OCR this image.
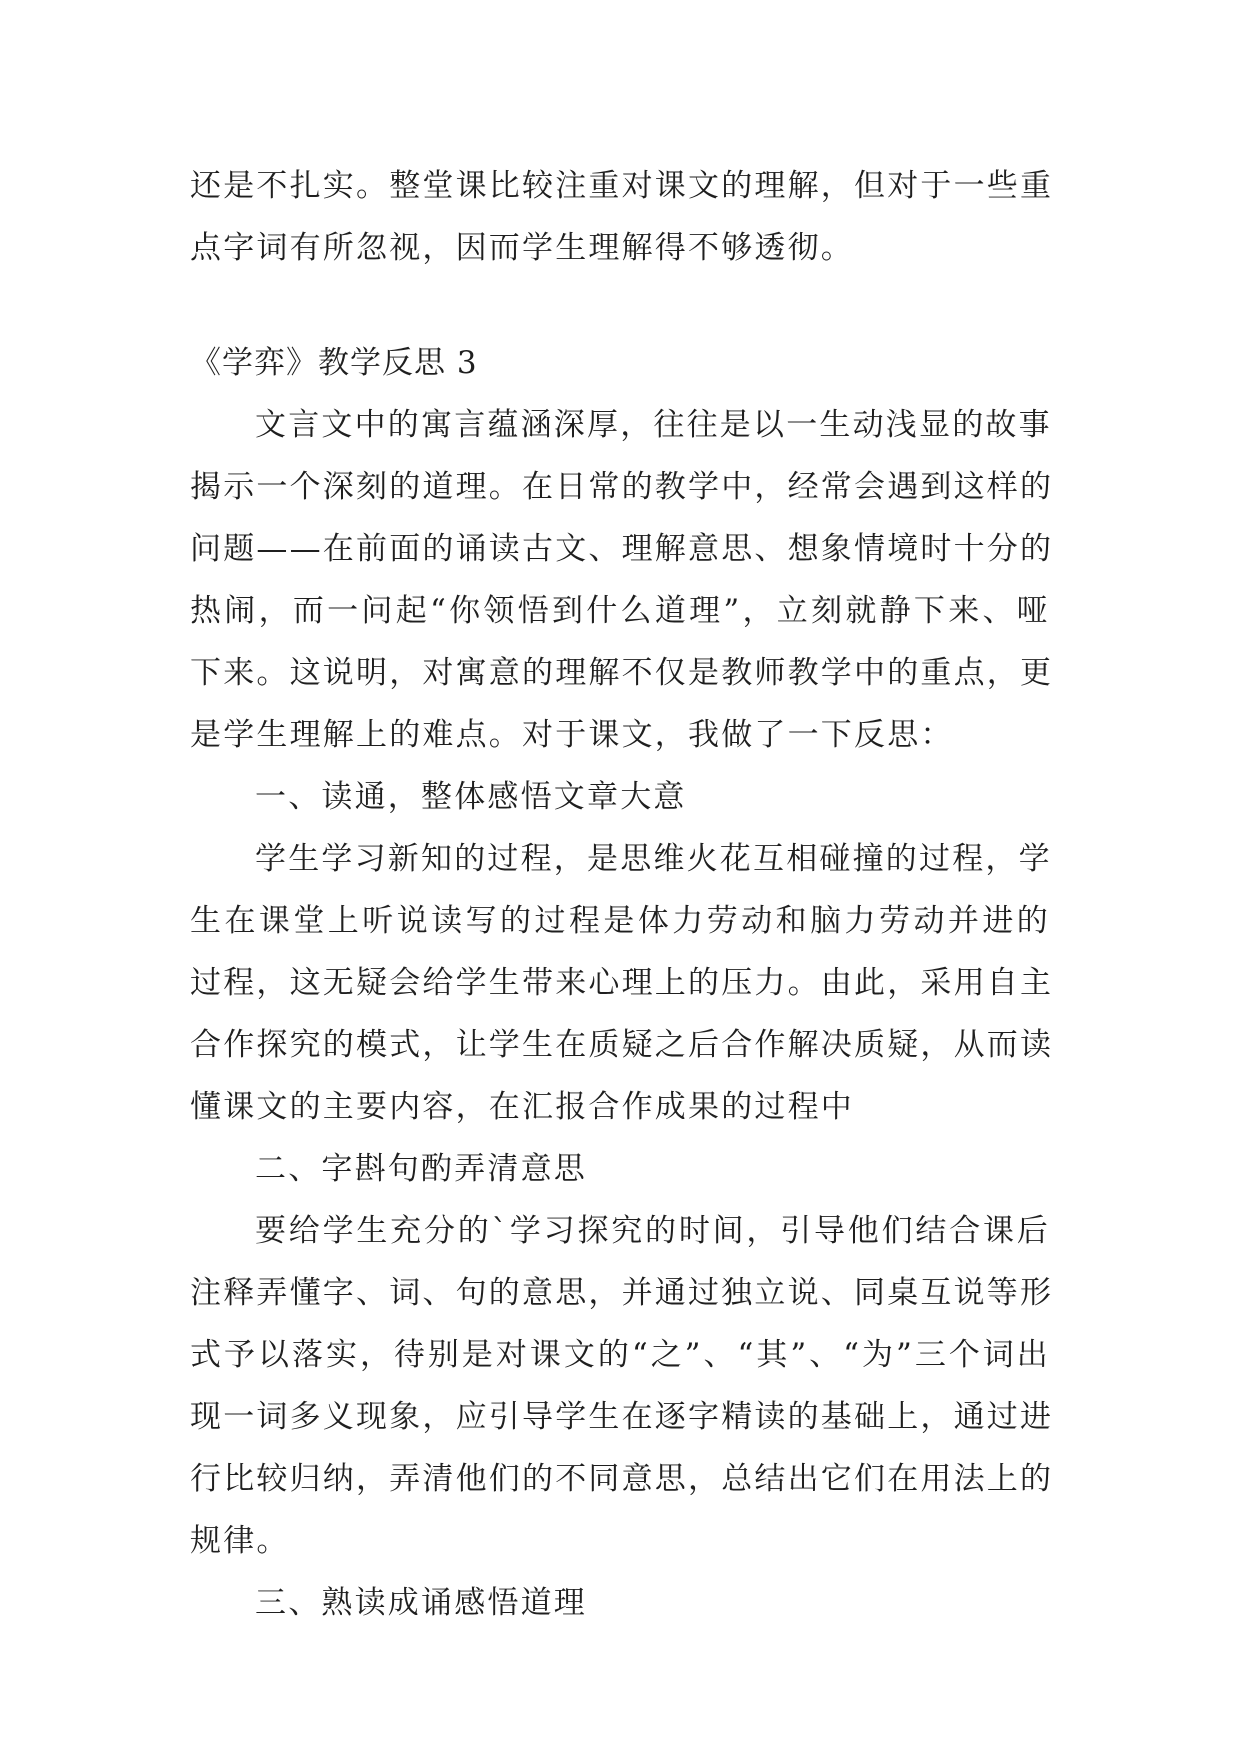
还是不扎实。整堂课比较注重对课文的理解，但对于一些重
点字词有所忽视，因而学生理解得不够透彻。
《学弈》教学反思 3
文言文中的寓言蕴涵深厚，往往是以一生动浅显的故事
揭示一个深刻的道理。在日常的教学中，经常会遇到这样的
问题——在前面的诵读古文、理解意思、想象情境时十分的
热闹，而一问起“你领悟到什么道理”，立刻就静下来、哑
下来。这说明，对寓意的理解不仅是教师教学中的重点，更
是学生理解上的难点。对于课文，我做了一下反思：
一、读通，整体感悟文章大意
学生学习新知的过程，是思维火花互相碰撞的过程，学
生在课堂上听说读写的过程是体力劳动和脑力劳动并进的
过程，这无疑会给学生带来心理上的压力。由此，采用自主
合作探究的模式，让学生在质疑之后合作解决质疑，从而读
懂课文的主要内容，在汇报合作成果的过程中
二、字斟句酌弄清意思
要给学生充分的`学习探究的时间，引导他们结合课后
注释弄懂字、词、句的意思，并通过独立说、同桌互说等形
式予以落实，待别是对课文的“之”、“其”、“为”三个词出
现一词多义现象，应引导学生在逐字精读的基础上，通过进
行比较归纳，弄清他们的不同意思，总结出它们在用法上的
规律。
三、熟读成诵感悟道理
